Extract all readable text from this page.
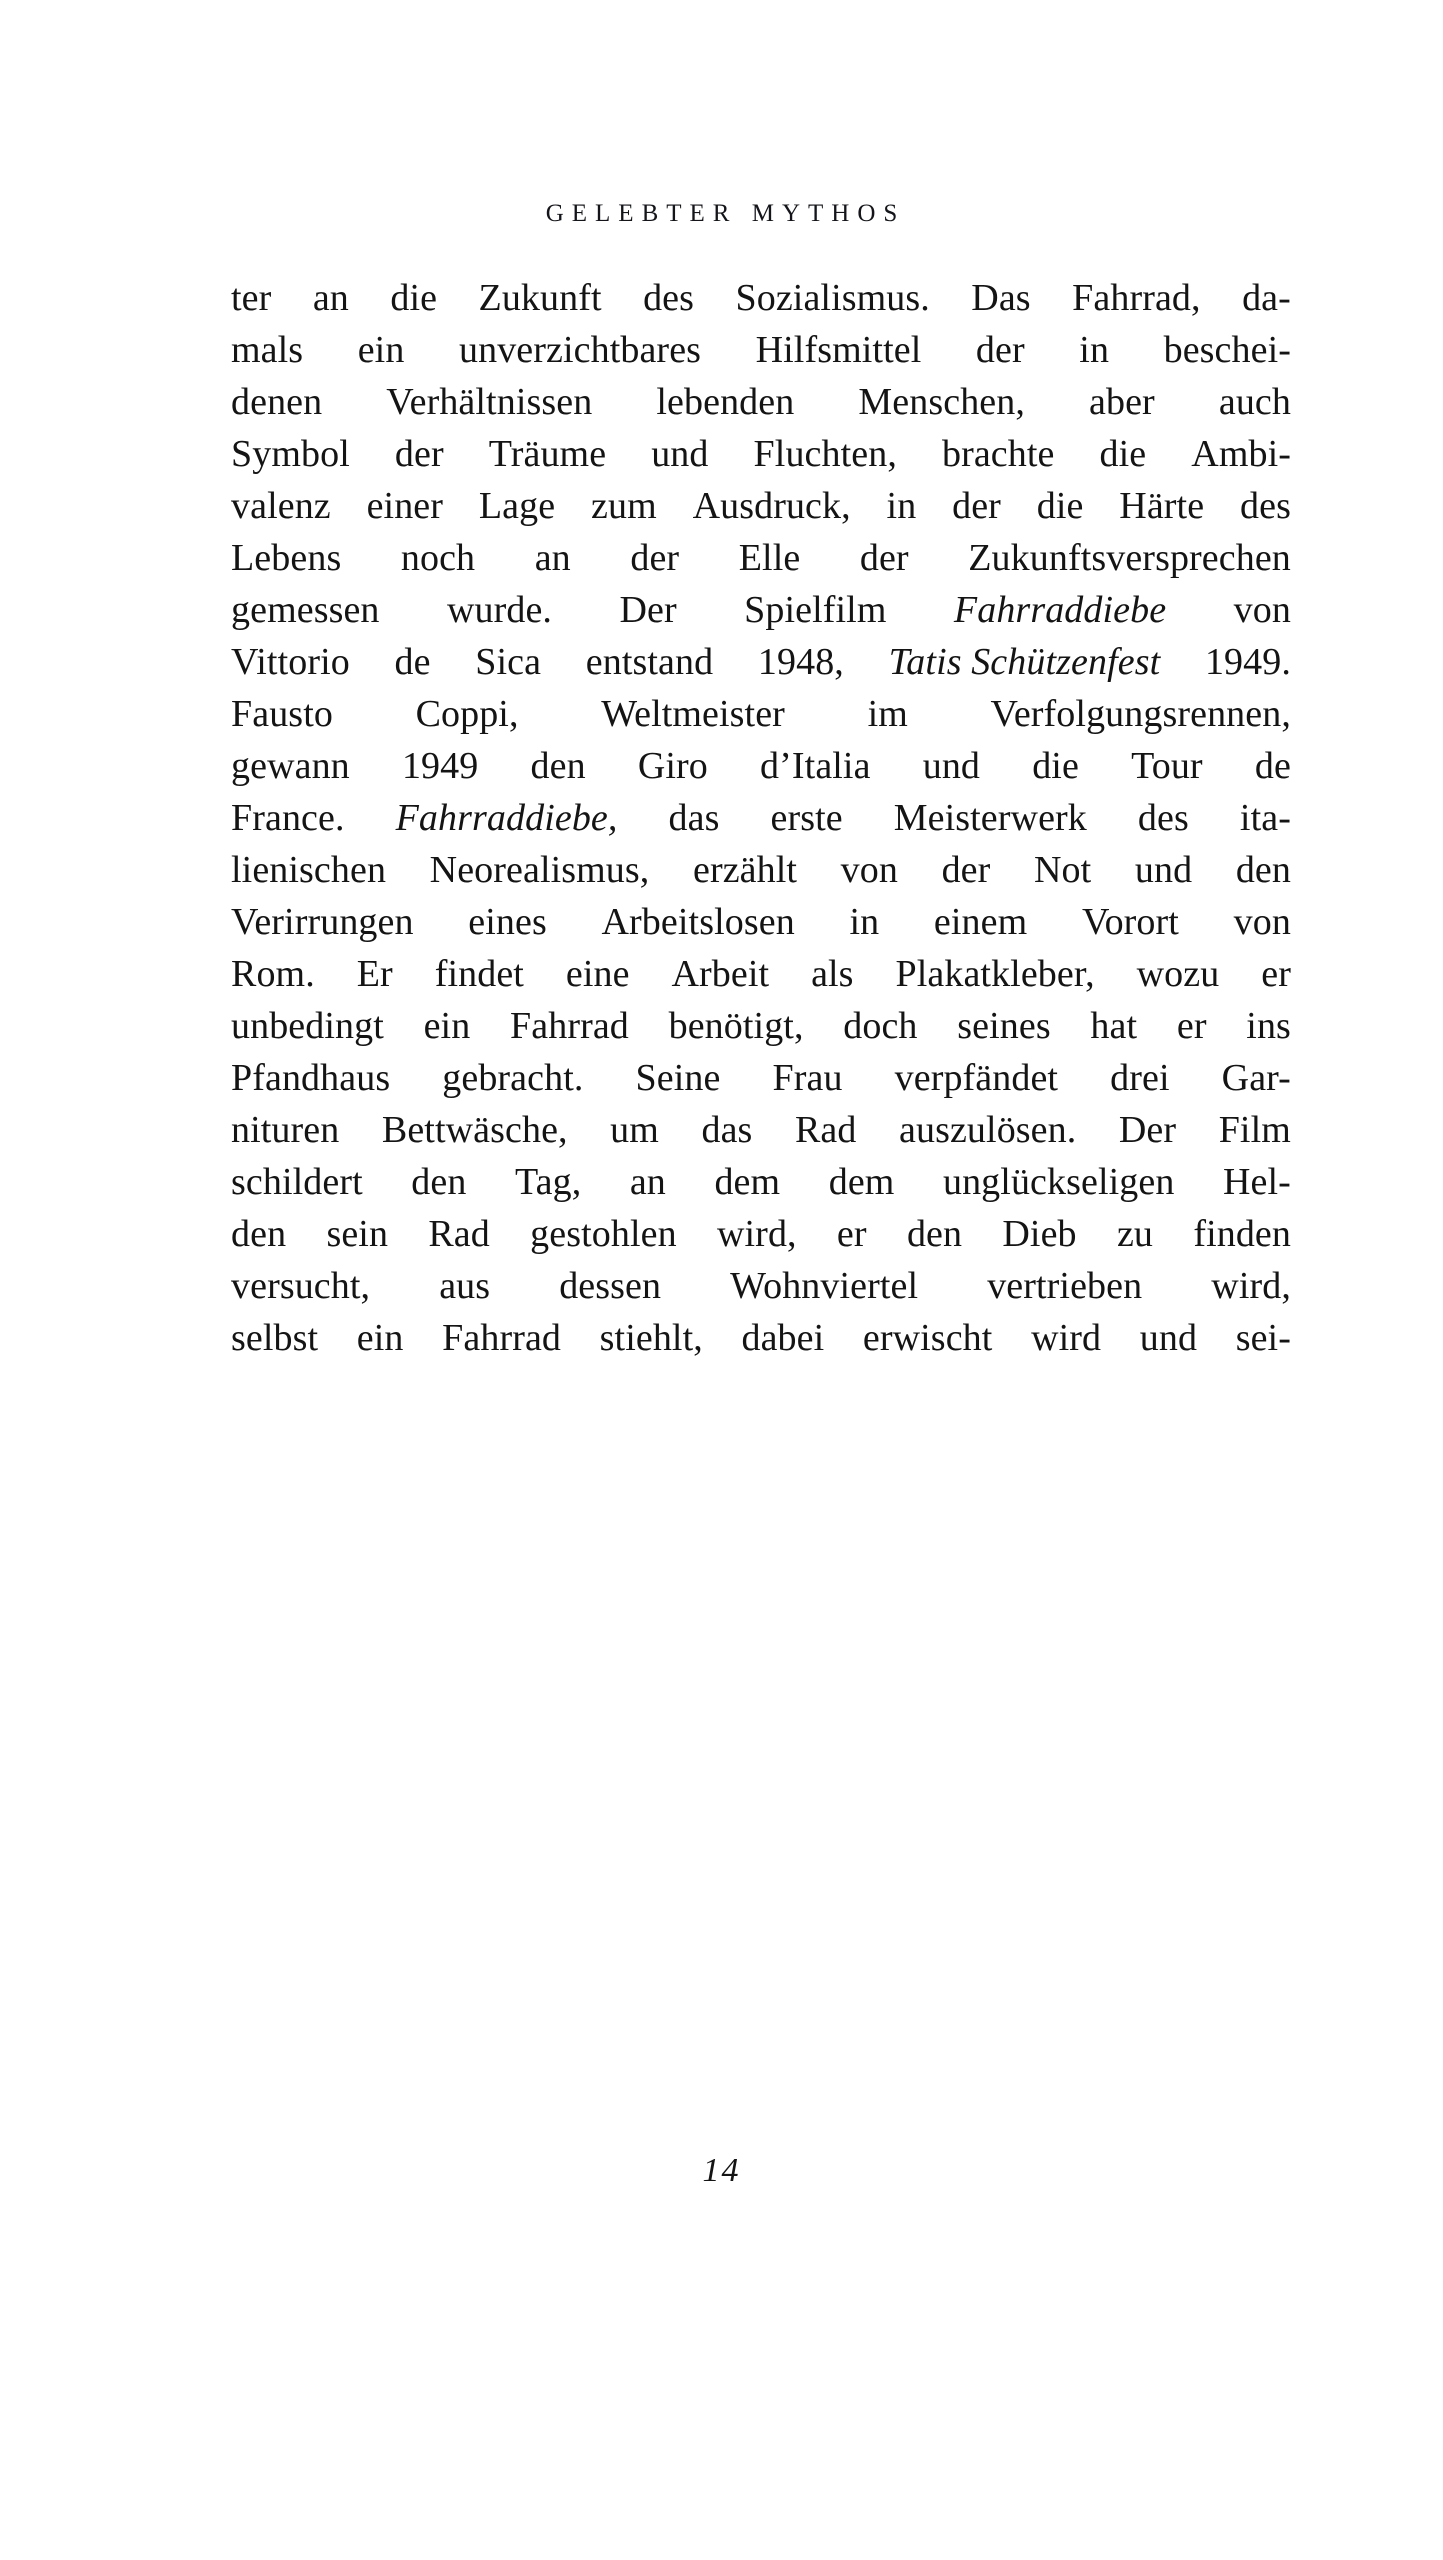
GELEBTER MYTHOS
ter an die Zukunft des Sozialismus. Das Fahrrad, da-
mals ein unverzichtbares Hilfsmittel der in beschei-
denen Verhältnissen lebenden Menschen, aber auch
Symbol der Träume und Fluchten, brachte die Ambi-
valenz einer Lage zum Ausdruck, in der die Härte des
Lebens noch an der Elle der Zukunftsversprechen
gemessen wurde. Der Spielfilm Fahrraddiebe von
Vittorio de Sica entstand 1948, Tatis Schützenfest 1949.
Fausto Coppi, Weltmeister im Verfolgungsrennen,
gewann 1949 den Giro d’Italia und die Tour de
France. Fahrraddiebe, das erste Meisterwerk des ita-
lienischen Neorealismus, erzählt von der Not und den
Verirrungen eines Arbeitslosen in einem Vorort von
Rom. Er findet eine Arbeit als Plakatkleber, wozu er
unbedingt ein Fahrrad benötigt, doch seines hat er ins
Pfandhaus gebracht. Seine Frau verpfändet drei Gar-
nituren Bettwäsche, um das Rad auszulösen. Der Film
schildert den Tag, an dem dem unglückseligen Hel-
den sein Rad gestohlen wird, er den Dieb zu finden
versucht, aus dessen Wohnviertel vertrieben wird,
selbst ein Fahrrad stiehlt, dabei erwischt wird und sei-
14
